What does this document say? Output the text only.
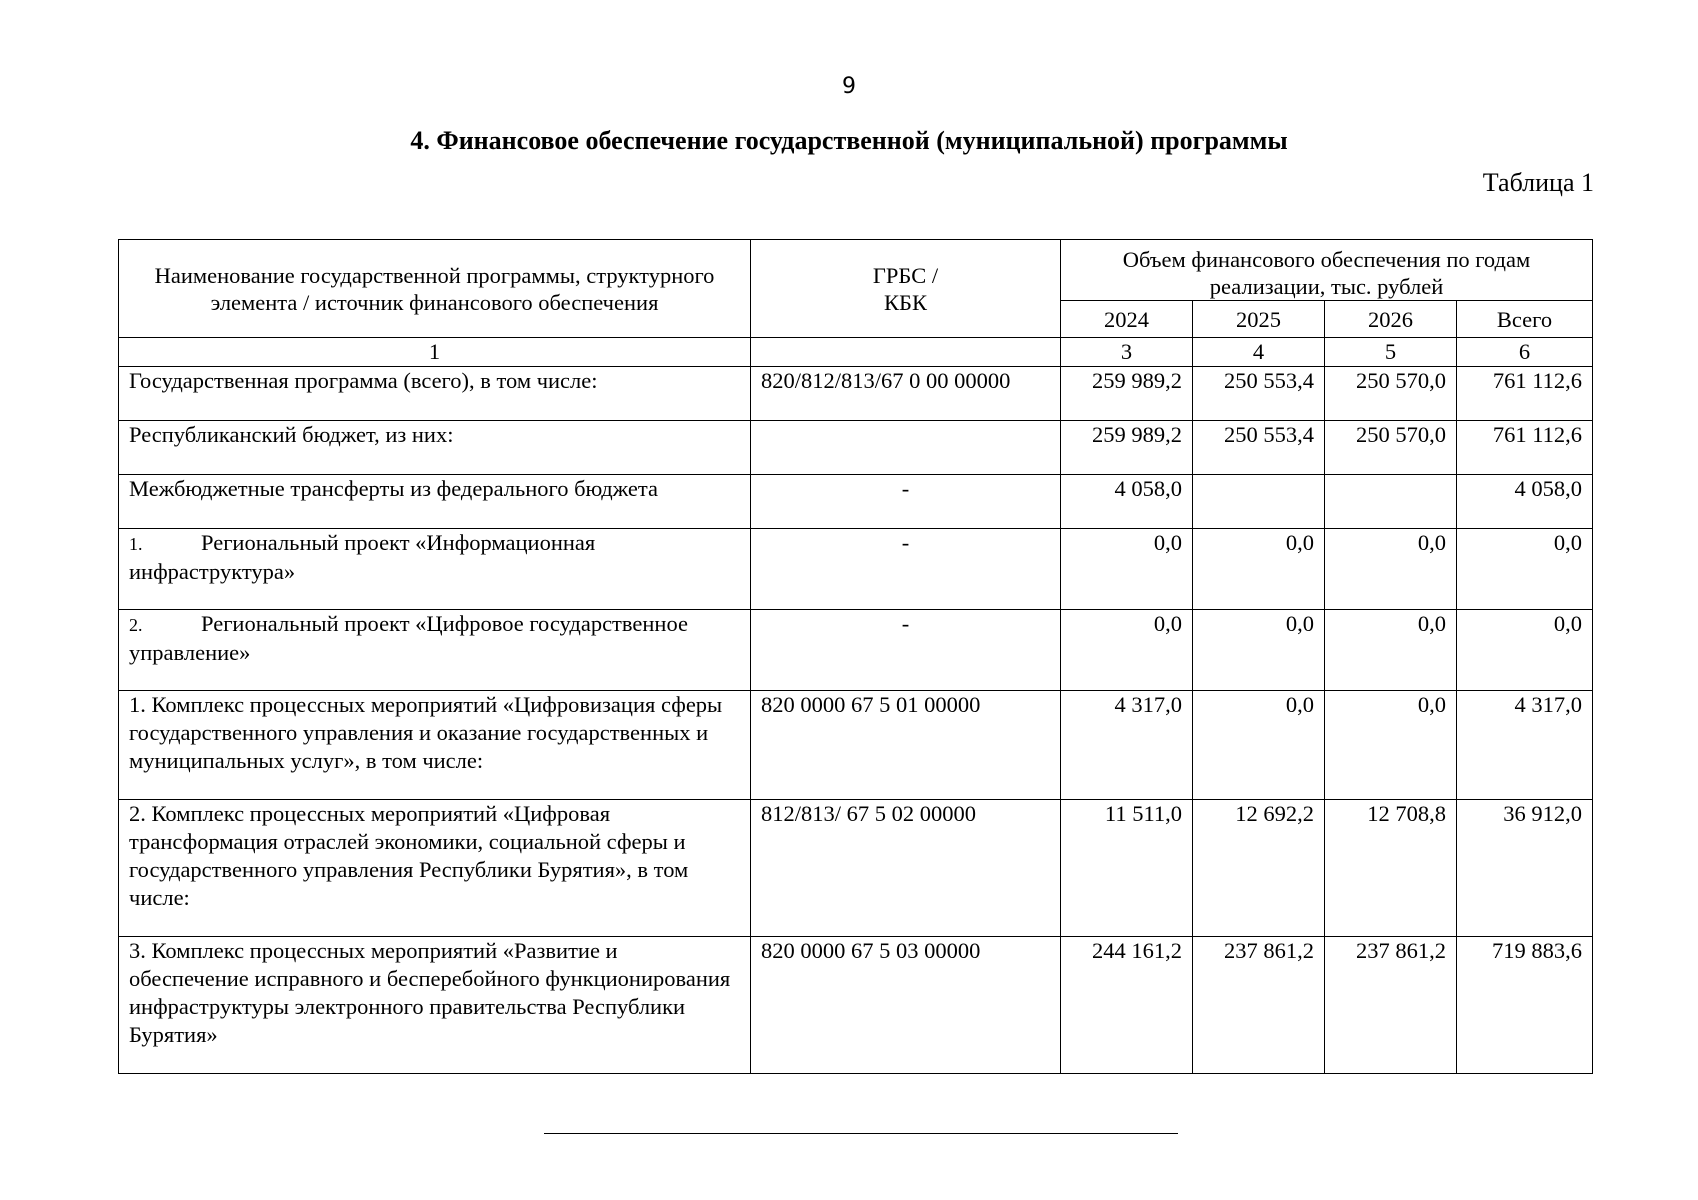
9
4. Финансовое обеспечение государственной (муниципальной) программы
Таблица 1
Наименование государственной программы, структурного элемента / источник финансового обеспечения	ГРБС /КБК	Объем финансового обеспечения по годам реализации, тыс. рублей			
		2024	2025	2026	Всего
1		3	4	5	6
Государственная программа (всего), в том числе:	820/812/813/67 0 00 00000	259 989,2	250 553,4	250 570,0	761 112,6
Республиканский бюджет, из них:		259 989,2	250 553,4	250 570,0	761 112,6
Межбюджетные трансферты из федерального бюджета	-	4 058,0			4 058,0
1. Региональный проект «Информационная инфраструктура»	-	0,0	0,0	0,0	0,0
2. Региональный проект «Цифровое государственное управление»	-	0,0	0,0	0,0	0,0
1. Комплекс процессных мероприятий «Цифровизация сферы государственного управления и оказание государственных и муниципальных услуг», в том числе:	820 0000 67 5 01 00000	4 317,0	0,0	0,0	4 317,0
2. Комплекс процессных мероприятий «Цифровая трансформация отраслей экономики, социальной сферы и государственного управления Республики Бурятия», в том числе:	812/813/ 67 5 02 00000	11 511,0	12 692,2	12 708,8	36 912,0
3. Комплекс процессных мероприятий «Развитие и обеспечение исправного и бесперебойного функционирования инфраструктуры электронного правительства Республики Бурятия»	820 0000 67 5 03 00000	244 161,2	237 861,2	237 861,2	719 883,6
